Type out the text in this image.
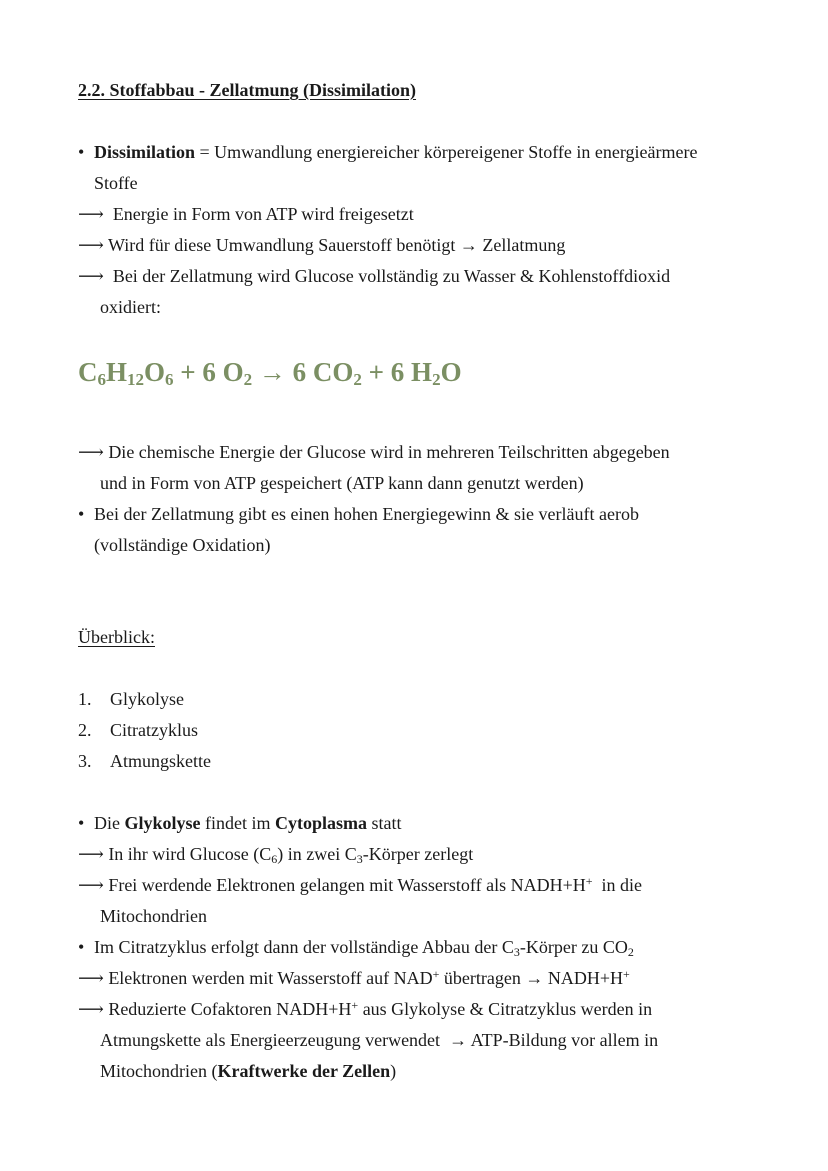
2.2. Stoffabbau - Zellatmung (Dissimilation)
• Dissimilation = Umwandlung energiereicher körpereigener Stoffe in energieärmere
Stoffe
⟶ Energie in Form von ATP wird freigesetzt
⟶ Wird für diese Umwandlung Sauerstoff benötigt → Zellatmung
⟶ Bei der Zellatmung wird Glucose vollständig zu Wasser & Kohlenstoffdioxid
oxidiert:
$C_6H_{12}O_6 + 6$ $O_2 \to 6$ $CO_2 + 6$ $H_2O$
⟶ Die chemische Energie der Glucose wird in mehreren Teilschritten abgegeben
und in Form von ATP gespeichert (ATP kann dann genutzt werden)
• Bei der Zellatmung gibt es einen hohen Energiegewinn & sie verläuft aerob
(vollständige Oxidation)
Überblick:
1. Glykolyse
2. Citratzyklus
3. Atmungskette
• Die Glykolyse findet im Cytoplasma statt
⟶ In ihr wird Glucose $(C_6)$ in zwei $C_3$-Körper zerlegt
⟶ Frei werdende Elektronen gelangen mit Wasserstoff als NADH+H+  in die
Mitochondrien
• Im Citratzyklus erfolgt dann der vollständige Abbau der $C_3$-Körper zu $CO_2$
⟶ Elektronen werden mit Wasserstoff auf NAD+ übertragen → NADH+H+
⟶ Reduzierte Cofaktoren NADH+H+ aus Glykolyse & Citratzyklus werden in
Atmungskette als Energieerzeugung verwendet → ATP-Bildung vor allem in
Mitochondrien (Kraftwerke der Zellen)
